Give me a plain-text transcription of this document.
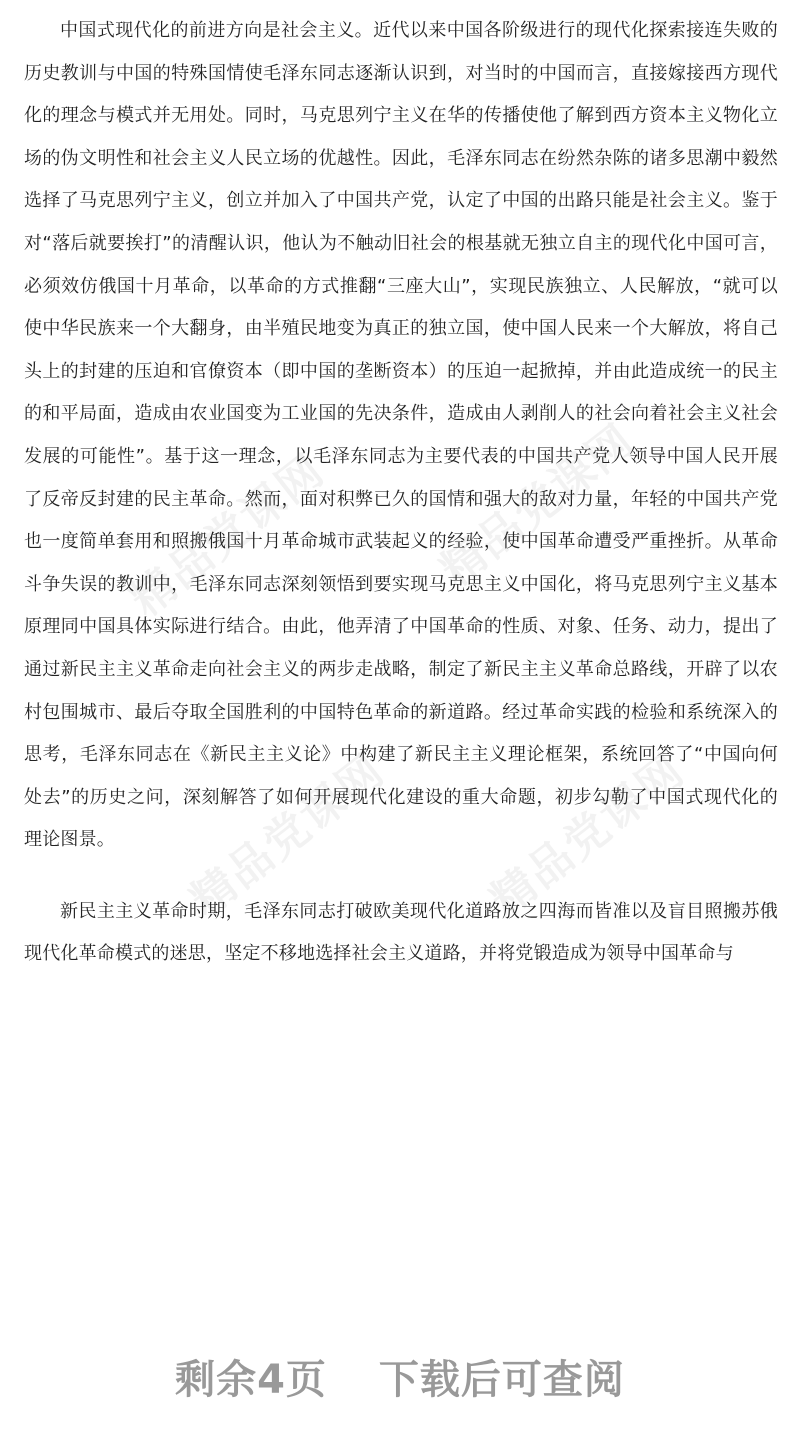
精品党课网 精品党课网
精品党课网 精品党课网

中国式现代化的前进方向是社会主义。近代以来中国各阶级进行的现代化探索接连失败的历史教训与中国的特殊国情使毛泽东同志逐渐认识到，对当时的中国而言，直接嫁接西方现代化的理念与模式并无用处。同时，马克思列宁主义在华的传播使他了解到西方资本主义物化立场的伪文明性和社会主义人民立场的优越性。因此，毛泽东同志在纷然杂陈的诸多思潮中毅然选择了马克思列宁主义，创立并加入了中国共产党，认定了中国的出路只能是社会主义。鉴于对“落后就要挨打”的清醒认识，他认为不触动旧社会的根基就无独立自主的现代化中国可言，必须效仿俄国十月革命，以革命的方式推翻“三座大山”，实现民族独立、人民解放，“就可以使中华民族来一个大翻身，由半殖民地变为真正的独立国，使中国人民来一个大解放，将自己头上的封建的压迫和官僚资本（即中国的垄断资本）的压迫一起掀掉，并由此造成统一的民主的和平局面，造成由农业国变为工业国的先决条件，造成由人剥削人的社会向着社会主义社会发展的可能性”。基于这一理念，以毛泽东同志为主要代表的中国共产党人领导中国人民开展了反帝反封建的民主革命。然而，面对积弊已久的国情和强大的敌对力量，年轻的中国共产党也一度简单套用和照搬俄国十月革命城市武装起义的经验，使中国革命遭受严重挫折。从革命斗争失误的教训中，毛泽东同志深刻领悟到要实现马克思主义中国化，将马克思列宁主义基本原理同中国具体实际进行结合。由此，他弄清了中国革命的性质、对象、任务、动力，提出了通过新民主主义革命走向社会主义的两步走战略，制定了新民主主义革命总路线，开辟了以农村包围城市、最后夺取全国胜利的中国特色革命的新道路。经过革命实践的检验和系统深入的思考，毛泽东同志在《新民主主义论》中构建了新民主主义理论框架，系统回答了“中国向何处去”的历史之问，深刻解答了如何开展现代化建设的重大命题，初步勾勒了中国式现代化的理论图景。

新民主主义革命时期，毛泽东同志打破欧美现代化道路放之四海而皆准以及盲目照搬苏俄现代化革命模式的迷思，坚定不移地选择社会主义道路，并将党锻造成为领导中国革命与

剩余4页 下载后可查阅
